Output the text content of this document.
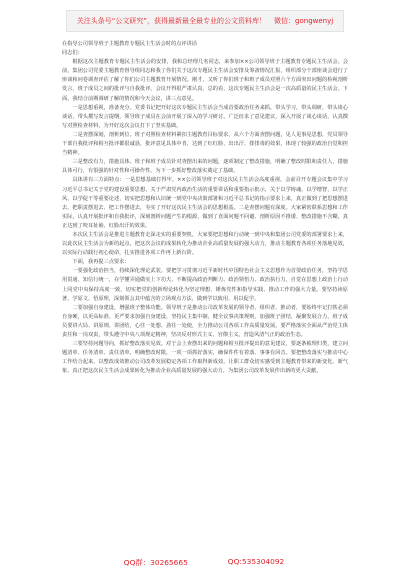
关注头条号“公文研究”，获得最新最全最专业的公文资料库！ 微信：gongwenyj

在指导公司领导班子主题教育专题民主生活会时的点评讲话

同志们：

根据这次主题教育专题民主生活会的安排，我和总经理几名同志，来参加××公司领导班子主题教育专题民主生活会。会前，集团公司党委主题教育督导组同志和我了你们关于这次专题民主生活会安排及筹备情况汇报，组织部分干部座谈会进行了座谈和问卷调查评估了解了你们公司主题教育开展情况。刚才，又听了你们班子和班子成员对照六个方面突出问题的检视剖析发言，班子成员之间的批评与自我批评。会议开得很严肃认真，总的看，这次专题民主生活会是一次高质量的民主生活会。下面，我结合前期调研了解的情况和今天会议，讲三点意见。

一是思想重视，准备充分。党委书记把开好这次专题民主生活会当成首要政治任务来抓，带头学习，带头调研，带头谈心谈话，带头撰写发言提纲，领导班子成员在会前开展了深入的学习研讨，广泛征求了意见建议，深入开展了谈心谈话，认真撰写对照检查材料，为开好这次会议打下了坚实基础。

二是查摆深刻，剖析到位。班子对照检查材料紧扣主题教育目标要求，从六个方面查摆问题，见人见事见思想，党员领导干部自我批评和相互批评都很诚恳，批评意见具体中肯，达到了红红脸、出出汗、排排毒的效果，体现了较强的政治自觉和担当精神。

三是整改有力，措施具体。班子和班子成员针对查摆出来的问题，逐项制定了整改措施，明确了整改时限和责任人，措施具体可行，有很强的针对性和可操作性，为下一步抓好整改落实奠定了基础。

具体讲有三方面特点：一是思想基础打得牢。××公司领导班子对这次民主生活会高度重视，会前召开专题会议集中学习习近平总书记关于党的建设重要思想，关于严肃党内政治生活的重要讲话和重要指示批示，关于以学铸魂、以学增智、以学正风、以学促干等重要论述，切实把思想和认识统一到党中央决策部署和习近平总书记的指示要求上来，真正做到了把思想摆进去、把职责摆进去、把工作摆进去，夯实了开好这次民主生活会的思想根基。二是查摆问题有深度。大家紧密联系思想和工作实际，认真开展批评和自我批评，深刻剖析问题产生的根源，做到了直面问题不回避、剖析原因不推诿、整改措施不含糊，真正达到了咬耳扯袖、红脸出汗的效果。

本次民主生活会是推进主题教育走深走实的重要契机，大家要把思想和行动统一到中央和集团公司党委的部署要求上来，以此次民主生活会为新的起点，把这次会议的成果转化为推动企业高质量发展的强大动力，推动主题教育各项任务落地见效，以实际行动践行初心使命，扎实推进各项工作再上新台阶。

下面，我再提三点要求：

一要强化政治担当，持续深化理论武装。要把学习贯彻习近平新时代中国特色社会主义思想作为首要政治任务，坚持学思用贯通、知信行统一，在学懂弄通做实上下功夫，不断提高政治判断力、政治领悟力、政治执行力，自觉在思想上政治上行动上同党中央保持高度一致，切实把党的创新理论转化为坚定理想、锤炼党性和指导实践、推动工作的强大力量。要坚持读原著、学原文、悟原理，深刻领会其中蕴含的立场观点方法，做到学以致用、用以促学。

二要加强自身建设，增强班子整体功能。领导班子是推动公司改革发展的领导者、组织者、推动者，要始终牢记打铁必须自身硬，以更高标准、更严要求加强自身建设，坚持民主集中制，健全议事决策规则，加强班子团结，凝聚发展合力，班子成员要讲大局、讲原则、讲团结，心往一处想、劲往一处使，全力推动公司各项工作高质量发展。要严格落实全面从严治党主体责任和一岗双责，带头遵守中央八项规定精神，坚决反对形式主义、官僚主义，营造风清气正的政治生态。

三要坚持问题导向，抓好整改落实见效。对于会上查摆出来的问题和相互批评提出的意见建议，要逐条梳理归类，建立问题清单、任务清单、责任清单，明确整改时限，一项一项抓好落实，确保件件有着落、事事有回音。要把整改落实与推动中心工作结合起来，以整改成效推动公司改革发展稳定各项工作取得新成效，让职工群众切实感受到主题教育带来的新变化、新气象。真正把这次民主生活会成果转化为推动企业高质量发展的强大动力，为集团公司改革发展作出新的更大贡献。

QQ群：30265665	QQ:535304092
